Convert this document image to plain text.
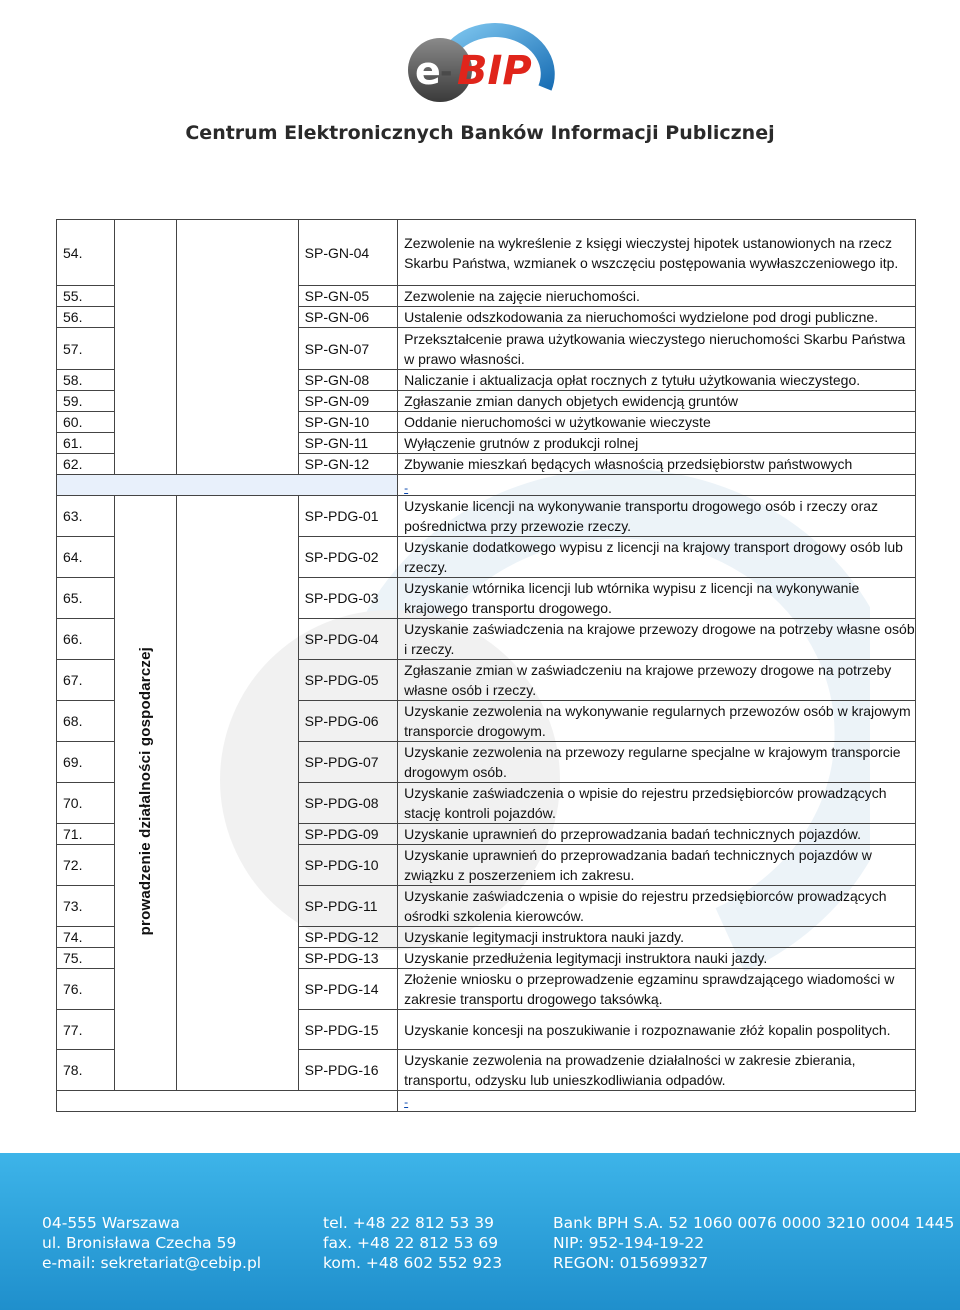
e - BIP
Centrum Elektronicznych Banków Informacji Publicznej
54.			SP-GN-04	Zezwolenie na wykreślenie z księgi wieczystej hipotek ustanowionych na rzecz Skarbu Państwa, wzmianek o wszczęciu postępowania wywłaszczeniowego itp.
55.			SP-GN-05	Zezwolenie na zajęcie nieruchomości.
56.			SP-GN-06	Ustalenie odszkodowania za nieruchomości wydzielone pod drogi publiczne.
57.			SP-GN-07	Przekształcenie prawa użytkowania wieczystego nieruchomości Skarbu Państwa w prawo własności.
58.			SP-GN-08	Naliczanie i aktualizacja opłat rocznych z tytułu użytkowania wieczystego.
59.			SP-GN-09	Zgłaszanie zmian danych objetych ewidencją gruntów
60.			SP-GN-10	Oddanie nieruchomości w użytkowanie wieczyste
61.			SP-GN-11	Wyłączenie grutnów z produkcji rolnej
62.			SP-GN-12	Zbywanie mieszkań będących własnością przedsiębiorstw państwowych
				-
63.	prowadzenie działalności gospodarczej		SP-PDG-01	Uzyskanie licencji na wykonywanie transportu drogowego osób i rzeczy oraz pośrednictwa przy przewozie rzeczy.
64.			SP-PDG-02	Uzyskanie dodatkowego wypisu z licencji na krajowy transport drogowy osób lub rzeczy.
65.			SP-PDG-03	Uzyskanie wtórnika licencji lub wtórnika wypisu z licencji na wykonywanie krajowego transportu drogowego.
66.			SP-PDG-04	Uzyskanie zaświadczenia na krajowe przewozy drogowe na potrzeby własne osób i rzeczy.
67.			SP-PDG-05	Zgłaszanie zmian w zaświadczeniu na krajowe przewozy drogowe na potrzeby własne osób i rzeczy.
68.			SP-PDG-06	Uzyskanie zezwolenia na wykonywanie regularnych przewozów osób w krajowym transporcie drogowym.
69.			SP-PDG-07	Uzyskanie zezwolenia na przewozy regularne specjalne w krajowym transporcie drogowym osób.
70.			SP-PDG-08	Uzyskanie zaświadczenia o wpisie do rejestru przedsiębiorców prowadzących stację kontroli pojazdów.
71.			SP-PDG-09	Uzyskanie uprawnień do przeprowadzania badań technicznych pojazdów.
72.			SP-PDG-10	Uzyskanie uprawnień do przeprowadzania badań technicznych pojazdów w związku z poszerzeniem ich zakresu.
73.			SP-PDG-11	Uzyskanie zaświadczenia o wpisie do rejestru przedsiębiorców prowadzących ośrodki szkolenia kierowców.
74.			SP-PDG-12	Uzyskanie legitymacji instruktora nauki jazdy.
75.			SP-PDG-13	Uzyskanie przedłużenia legitymacji instruktora nauki jazdy.
76.			SP-PDG-14	Złożenie wniosku o przeprowadzenie egzaminu sprawdzającego wiadomości w zakresie transportu drogowego taksówką.
77.			SP-PDG-15	Uzyskanie koncesji na poszukiwanie i rozpoznawanie złóż kopalin pospolitych.
78.			SP-PDG-16	Uzyskanie zezwolenia na prowadzenie działalności w zakresie zbierania, transportu, odzysku lub unieszkodliwiania odpadów.
				-
04-555 Warszawa
ul. Bronisława Czecha 59
e-mail: sekretariat@cebip.pl
tel. +48 22 812 53 39
fax. +48 22 812 53 69
kom. +48 602 552 923
Bank BPH S.A. 52 1060 0076 0000 3210 0004 1445
NIP: 952-194-19-22
REGON: 015699327
